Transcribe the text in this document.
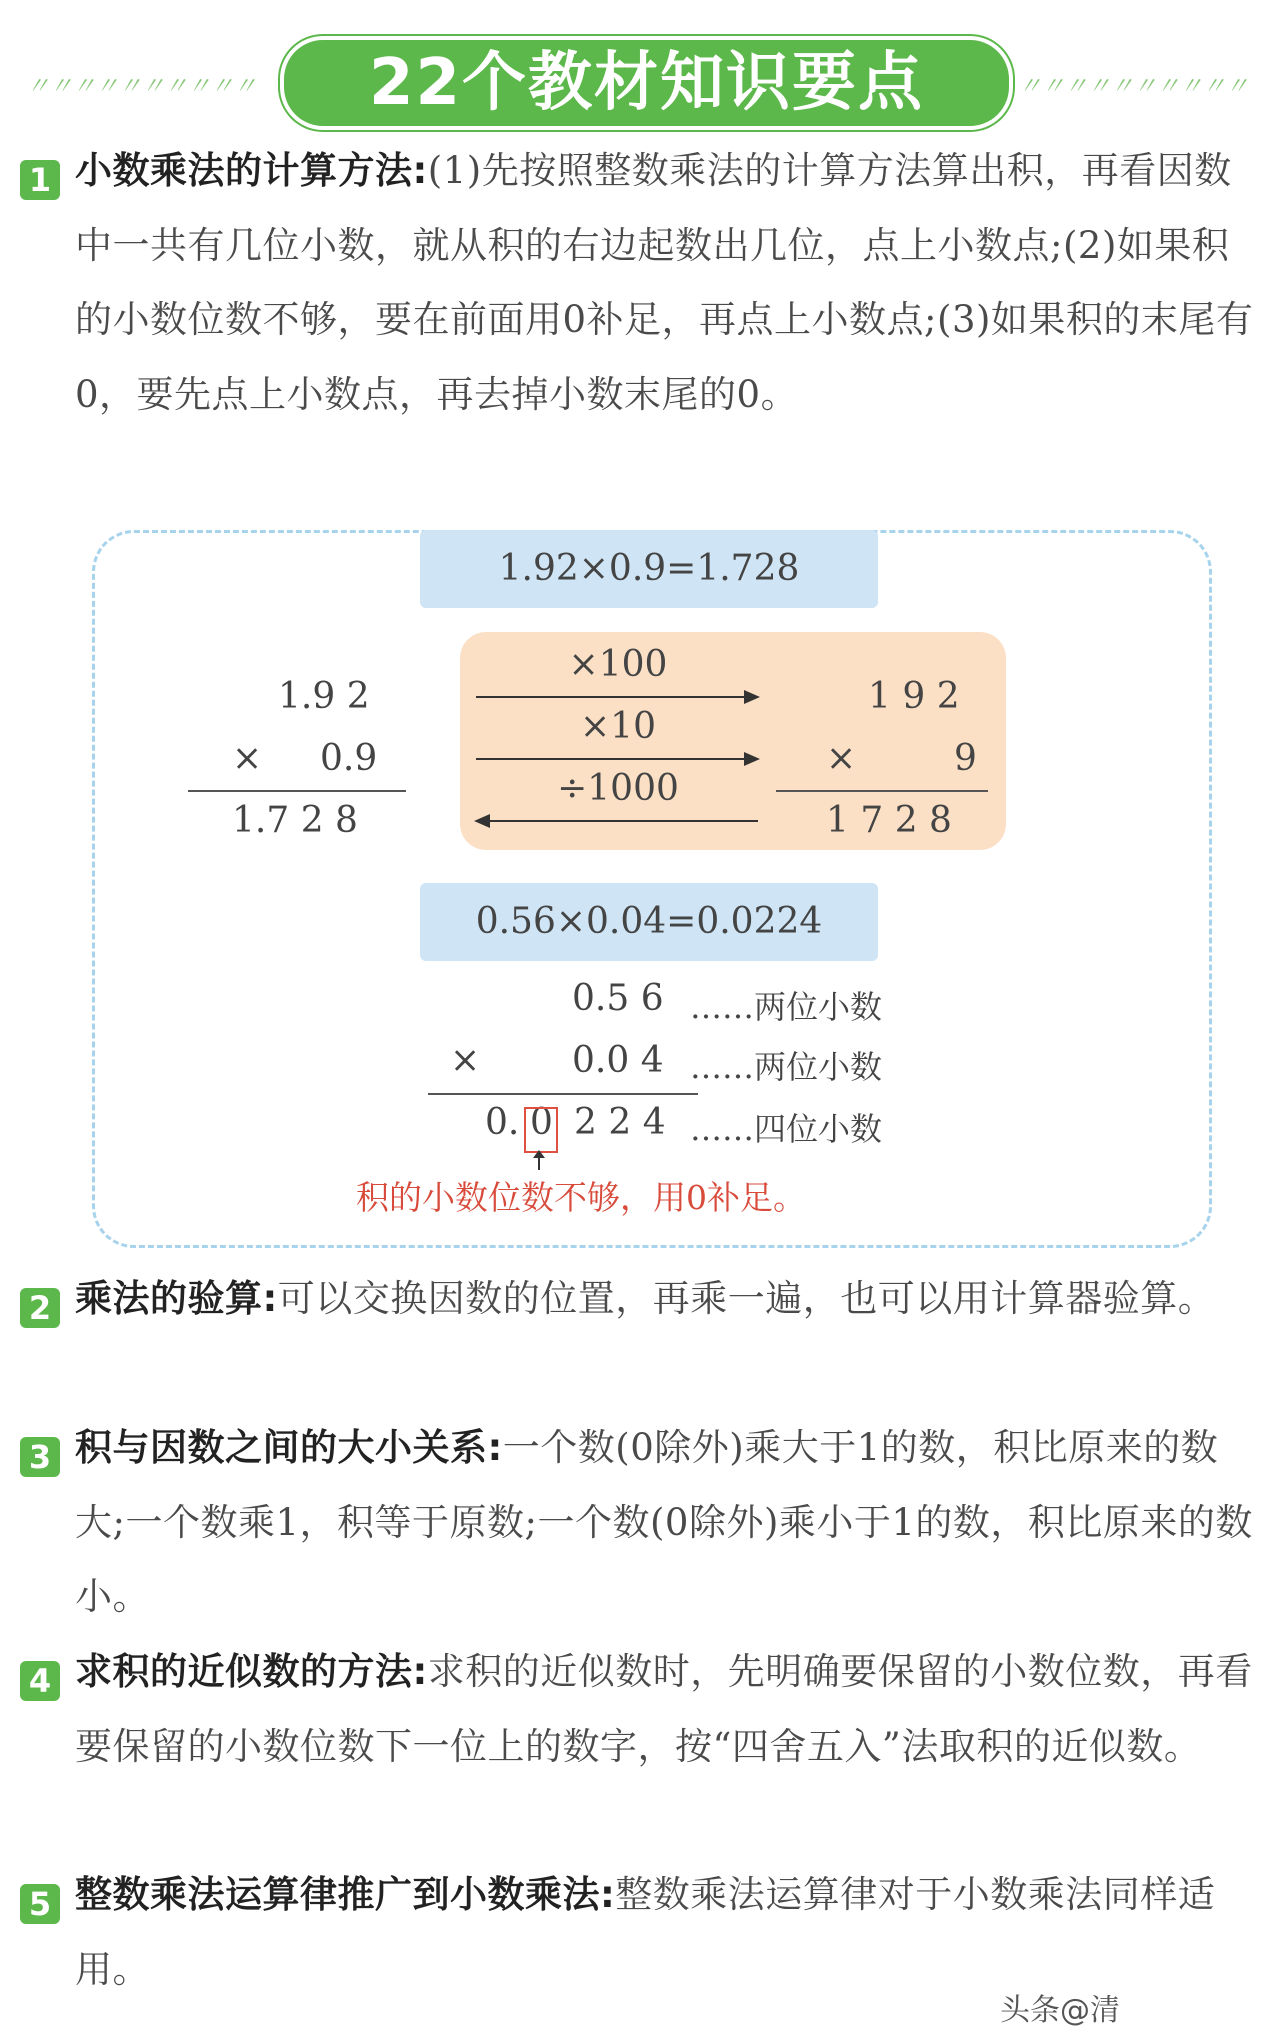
〃〃〃〃〃〃〃〃〃〃	22个教材知识要点	〃〃〃〃〃〃〃〃〃〃
1 小数乘法的计算方法:(1)先按照整数乘法的计算方法算出积，再看因数中一共有几位小数，就从积的右边起数出几位，点上小数点;(2)如果积的小数位数不够，要在前面用0补足，再点上小数点;(3)如果积的末尾有0，要先点上小数点，再去掉小数末尾的0。
1.92×0.9=1.728
1.9 2
× 0.9
1.7 2 8
×100
×10
÷1000
1 9 2
×	9
1 7 2 8
0.56×0.04=0.0224
0.5 6 ……两位小数
×	0.0 4 ……两位小数
0. 0 2 2 4 ……四位小数
积的小数位数不够，用0补足。
2 乘法的验算:可以交换因数的位置，再乘一遍，也可以用计算器验算。
3 积与因数之间的大小关系:一个数(0除外)乘大于1的数，积比原来的数大;一个数乘1，积等于原数;一个数(0除外)乘小于1的数，积比原来的数小。
4 求积的近似数的方法:求积的近似数时，先明确要保留的小数位数，再看要保留的小数位数下一位上的数字，按“四舍五入”法取积的近似数。
5 整数乘法运算律推广到小数乘法:整数乘法运算律对于小数乘法同样适用。
头条@清
